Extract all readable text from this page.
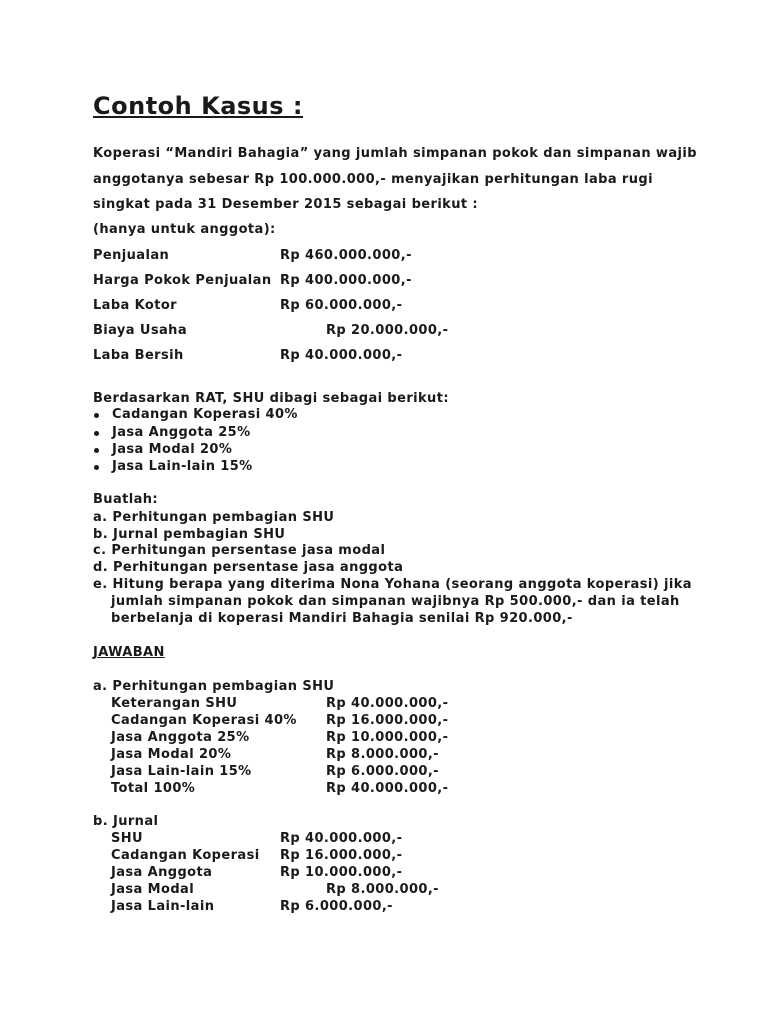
Contoh Kasus :
Koperasi “Mandiri Bahagia” yang jumlah simpanan pokok dan simpanan wajib
anggotanya sebesar Rp 100.000.000,- menyajikan perhitungan laba rugi
singkat pada 31 Desember 2015 sebagai berikut :
(hanya untuk anggota):
Penjualan	Rp 460.000.000,-
Harga Pokok Penjualan Rp 400.000.000,-
Laba Kotor	Rp 60.000.000,-
Biaya Usaha	Rp 20.000.000,-
Laba Bersih	Rp 40.000.000,-
Berdasarkan RAT, SHU dibagi sebagai berikut:
Cadangan Koperasi 40%
Jasa Anggota 25%
Jasa Modal 20%
Jasa Lain-lain 15%
Buatlah:
a. Perhitungan pembagian SHU
b. Jurnal pembagian SHU
c. Perhitungan persentase jasa modal
d. Perhitungan persentase jasa anggota
e. Hitung berapa yang diterima Nona Yohana (seorang anggota koperasi) jika
jumlah simpanan pokok dan simpanan wajibnya Rp 500.000,- dan ia telah
berbelanja di koperasi Mandiri Bahagia senilai Rp 920.000,-
JAWABAN
a. Perhitungan pembagian SHU
Keterangan SHU	Rp 40.000.000,-
Cadangan Koperasi 40% Rp 16.000.000,-
Jasa Anggota 25%	Rp 10.000.000,-
Jasa Modal 20%	Rp 8.000.000,-
Jasa Lain-lain 15%	Rp 6.000.000,-
Total 100%	Rp 40.000.000,-
b. Jurnal
SHU	Rp 40.000.000,-
Cadangan Koperasi Rp 16.000.000,-
Jasa Anggota	Rp 10.000.000,-
Jasa Modal	Rp 8.000.000,-
Jasa Lain-lain	Rp 6.000.000,-
